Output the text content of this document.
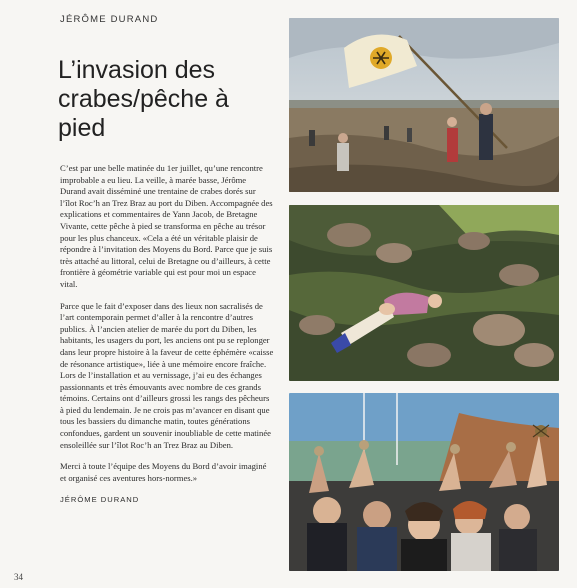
JÉRÔME DURAND
L’invasion des crabes/pêche à pied

C’est par une belle matinée du 1er juillet, qu’une rencontre improbable a eu lieu. La veille, à marée basse, Jérôme Durand avait disséminé une trentaine de crabes dorés sur l’îlot Roc’h an Trez Braz au port du Diben. Accompagnée des explications et commentaires de Yann Jacob, de Bretagne Vivante, cette pêche à pied se transforma en pêche au trésor pour les plus chanceux. «Cela a été un véritable plaisir de répondre à l’invitation des Moyens du Bord. Parce que je suis très attaché au littoral, celui de Bretagne ou d’ailleurs, à cette frontière à géométrie variable qui est pour moi un espace vital.

Parce que le fait d’exposer dans des lieux non sacralisés de l’art contemporain permet d’aller à la rencontre d’autres publics. À l’ancien atelier de marée du port du Diben, les habitants, les usagers du port, les anciens ont pu se replonger dans leur propre histoire à la faveur de cette éphémère «caisse de résonance artistique», liée à une mémoire encore fraîche. Lors de l’installation et au vernissage, j’ai eu des échanges passionnants et très émouvants avec nombre de ces grands témoins. Certains ont d’ailleurs grossi les rangs des pêcheurs à pied du lendemain. Je ne crois pas m’avancer en disant que tous les bassiers du dimanche matin, toutes générations confondues, gardent un souvenir inoubliable de cette matinée ensoleillée sur l’îlot Roc’h an Trez Braz au Diben.

Merci à toute l’équipe des Moyens du Bord d’avoir imaginé et organisé ces aventures hors-normes.»

JÉRÔME DURAND
34
